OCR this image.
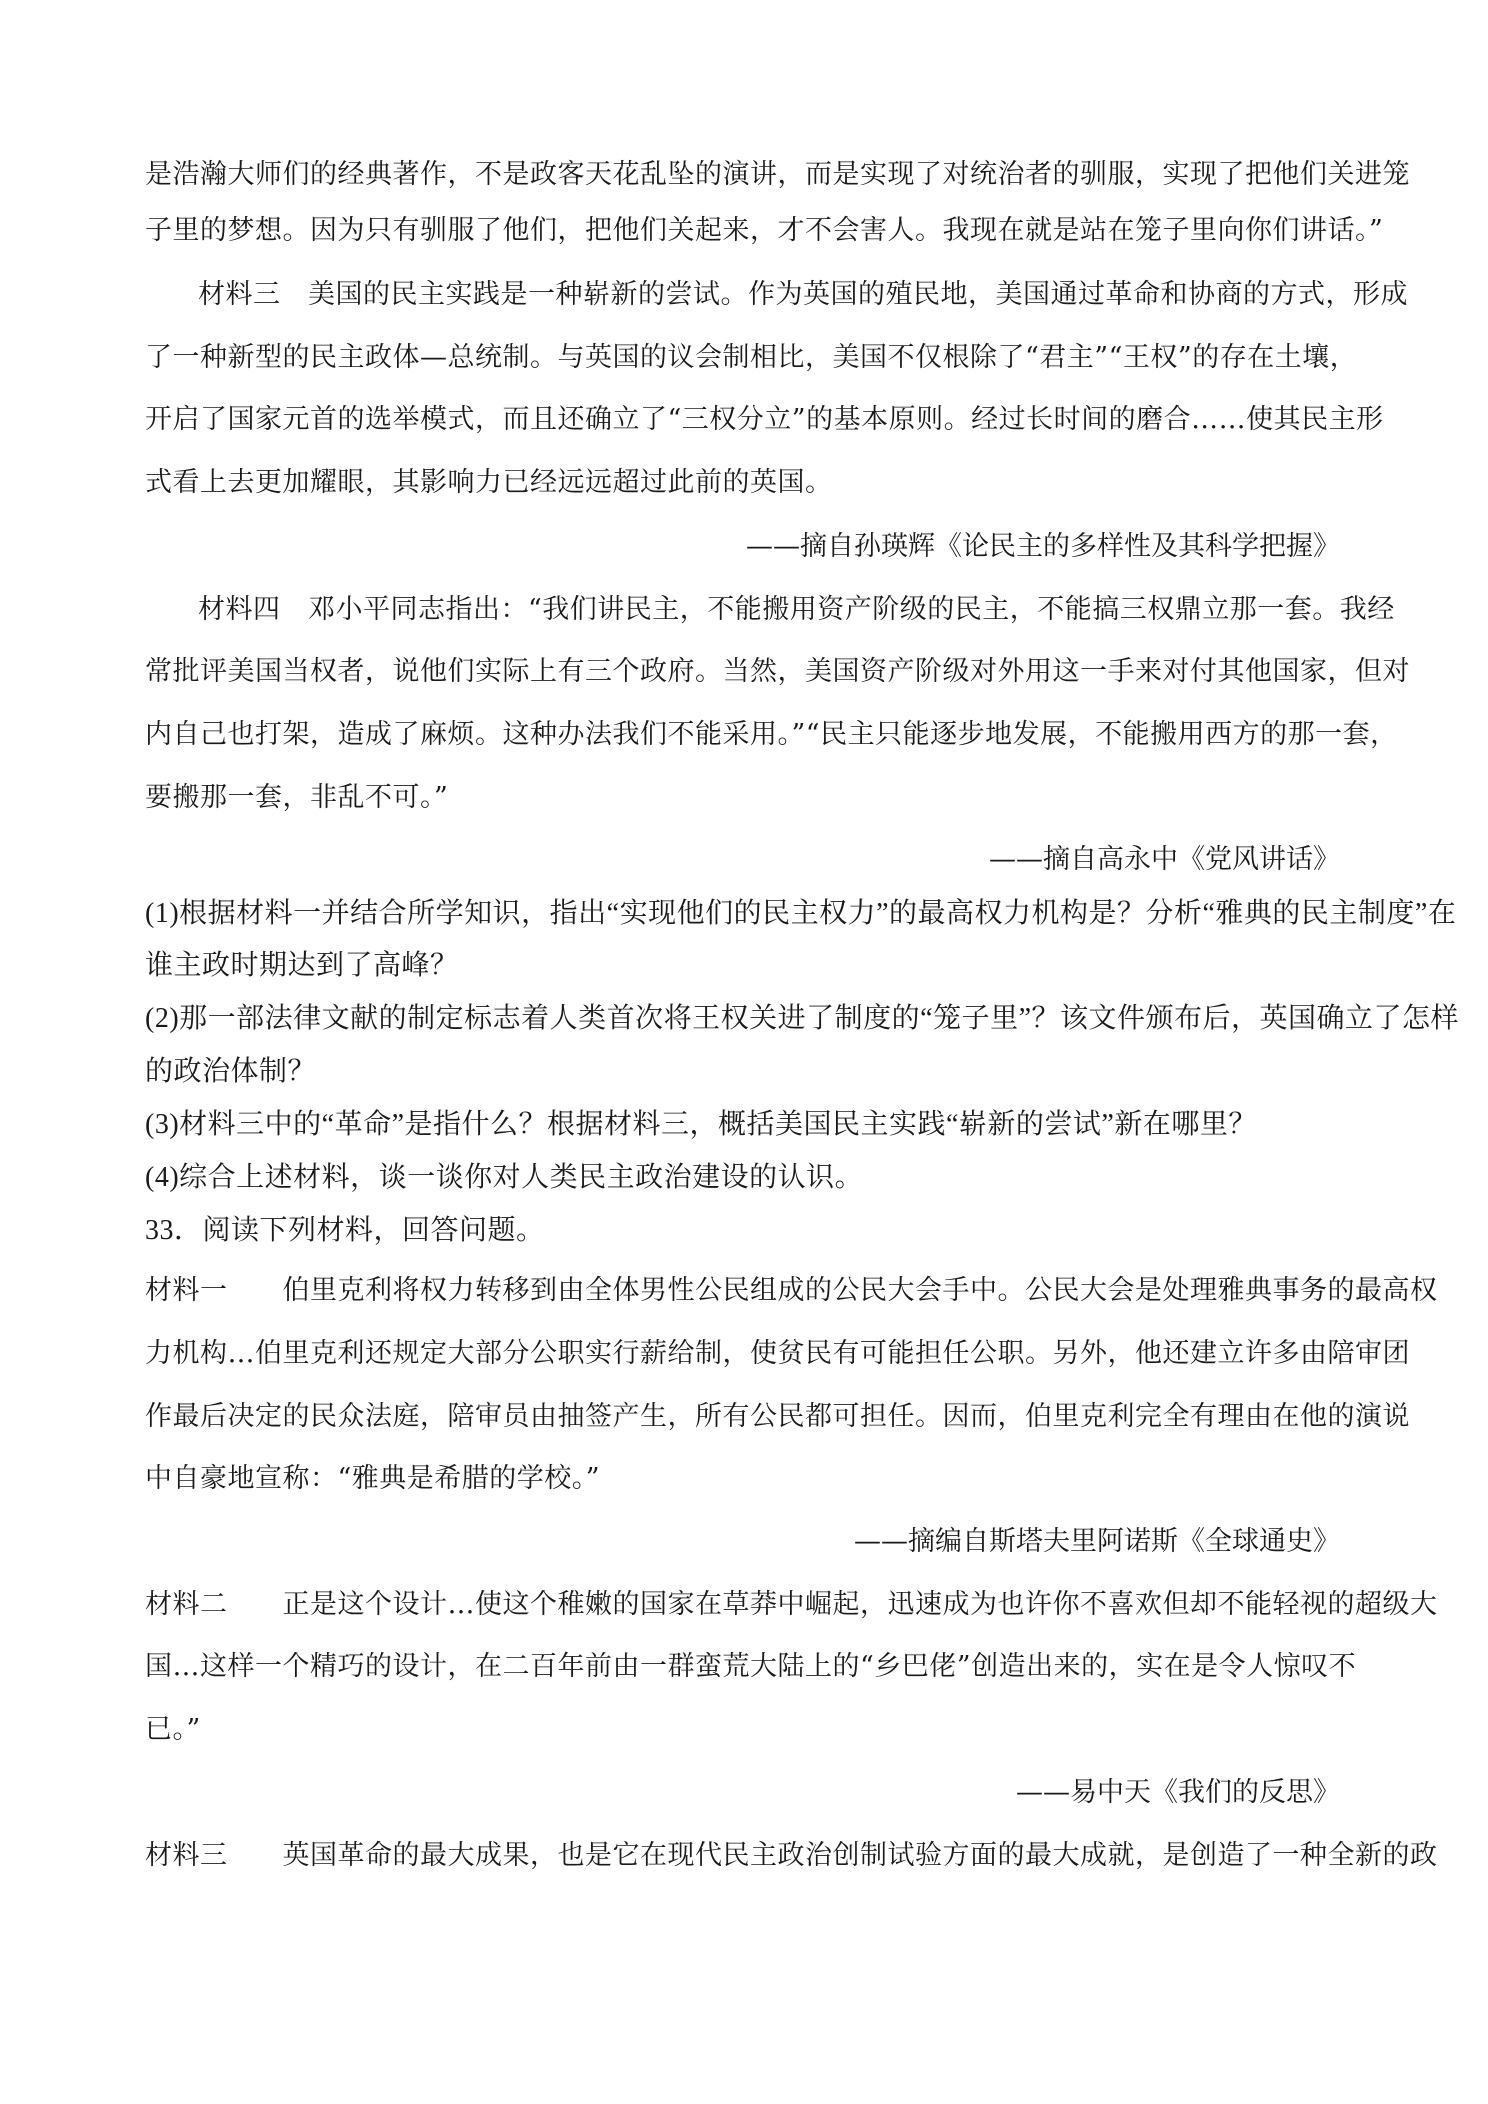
是浩瀚大师们的经典著作，不是政客天花乱坠的演讲，而是实现了对统治者的驯服，实现了把他们关进笼
子里的梦想。因为只有驯服了他们，把他们关起来，才不会害人。我现在就是站在笼子里向你们讲话。”
材料三　美国的民主实践是一种崭新的尝试。作为英国的殖民地，美国通过革命和协商的方式，形成
了一种新型的民主政体—总统制。与英国的议会制相比，美国不仅根除了“君主”“王权”的存在土壤，
开启了国家元首的选举模式，而且还确立了“三权分立”的基本原则。经过长时间的磨合……使其民主形
式看上去更加耀眼，其影响力已经远远超过此前的英国。
——摘自孙瑛辉《论民主的多样性及其科学把握》
材料四　邓小平同志指出：“我们讲民主，不能搬用资产阶级的民主，不能搞三权鼎立那一套。我经
常批评美国当权者，说他们实际上有三个政府。当然，美国资产阶级对外用这一手来对付其他国家，但对
内自己也打架，造成了麻烦。这种办法我们不能采用。”“民主只能逐步地发展，不能搬用西方的那一套，
要搬那一套，非乱不可。”
——摘自高永中《党风讲话》
(1)根据材料一并结合所学知识，指出“实现他们的民主权力”的最高权力机构是？分析“雅典的民主制度”在
谁主政时期达到了高峰？
(2)那一部法律文献的制定标志着人类首次将王权关进了制度的“笼子里”？该文件颁布后，英国确立了怎样
的政治体制？
(3)材料三中的“革命”是指什么？根据材料三，概括美国民主实践“崭新的尝试”新在哪里？
(4)综合上述材料，谈一谈你对人类民主政治建设的认识。
33．阅读下列材料，回答问题。
材料一　　伯里克利将权力转移到由全体男性公民组成的公民大会手中。公民大会是处理雅典事务的最高权
力机构…伯里克利还规定大部分公职实行薪给制，使贫民有可能担任公职。另外，他还建立许多由陪审团
作最后决定的民众法庭，陪审员由抽签产生，所有公民都可担任。因而，伯里克利完全有理由在他的演说
中自豪地宣称：“雅典是希腊的学校。”
——摘编自斯塔夫里阿诺斯《全球通史》
材料二　　正是这个设计…使这个稚嫩的国家在草莽中崛起，迅速成为也许你不喜欢但却不能轻视的超级大
国…这样一个精巧的设计，在二百年前由一群蛮荒大陆上的“乡巴佬”创造出来的，实在是令人惊叹不
已。”
——易中天《我们的反思》
材料三　　英国革命的最大成果，也是它在现代民主政治创制试验方面的最大成就，是创造了一种全新的政
